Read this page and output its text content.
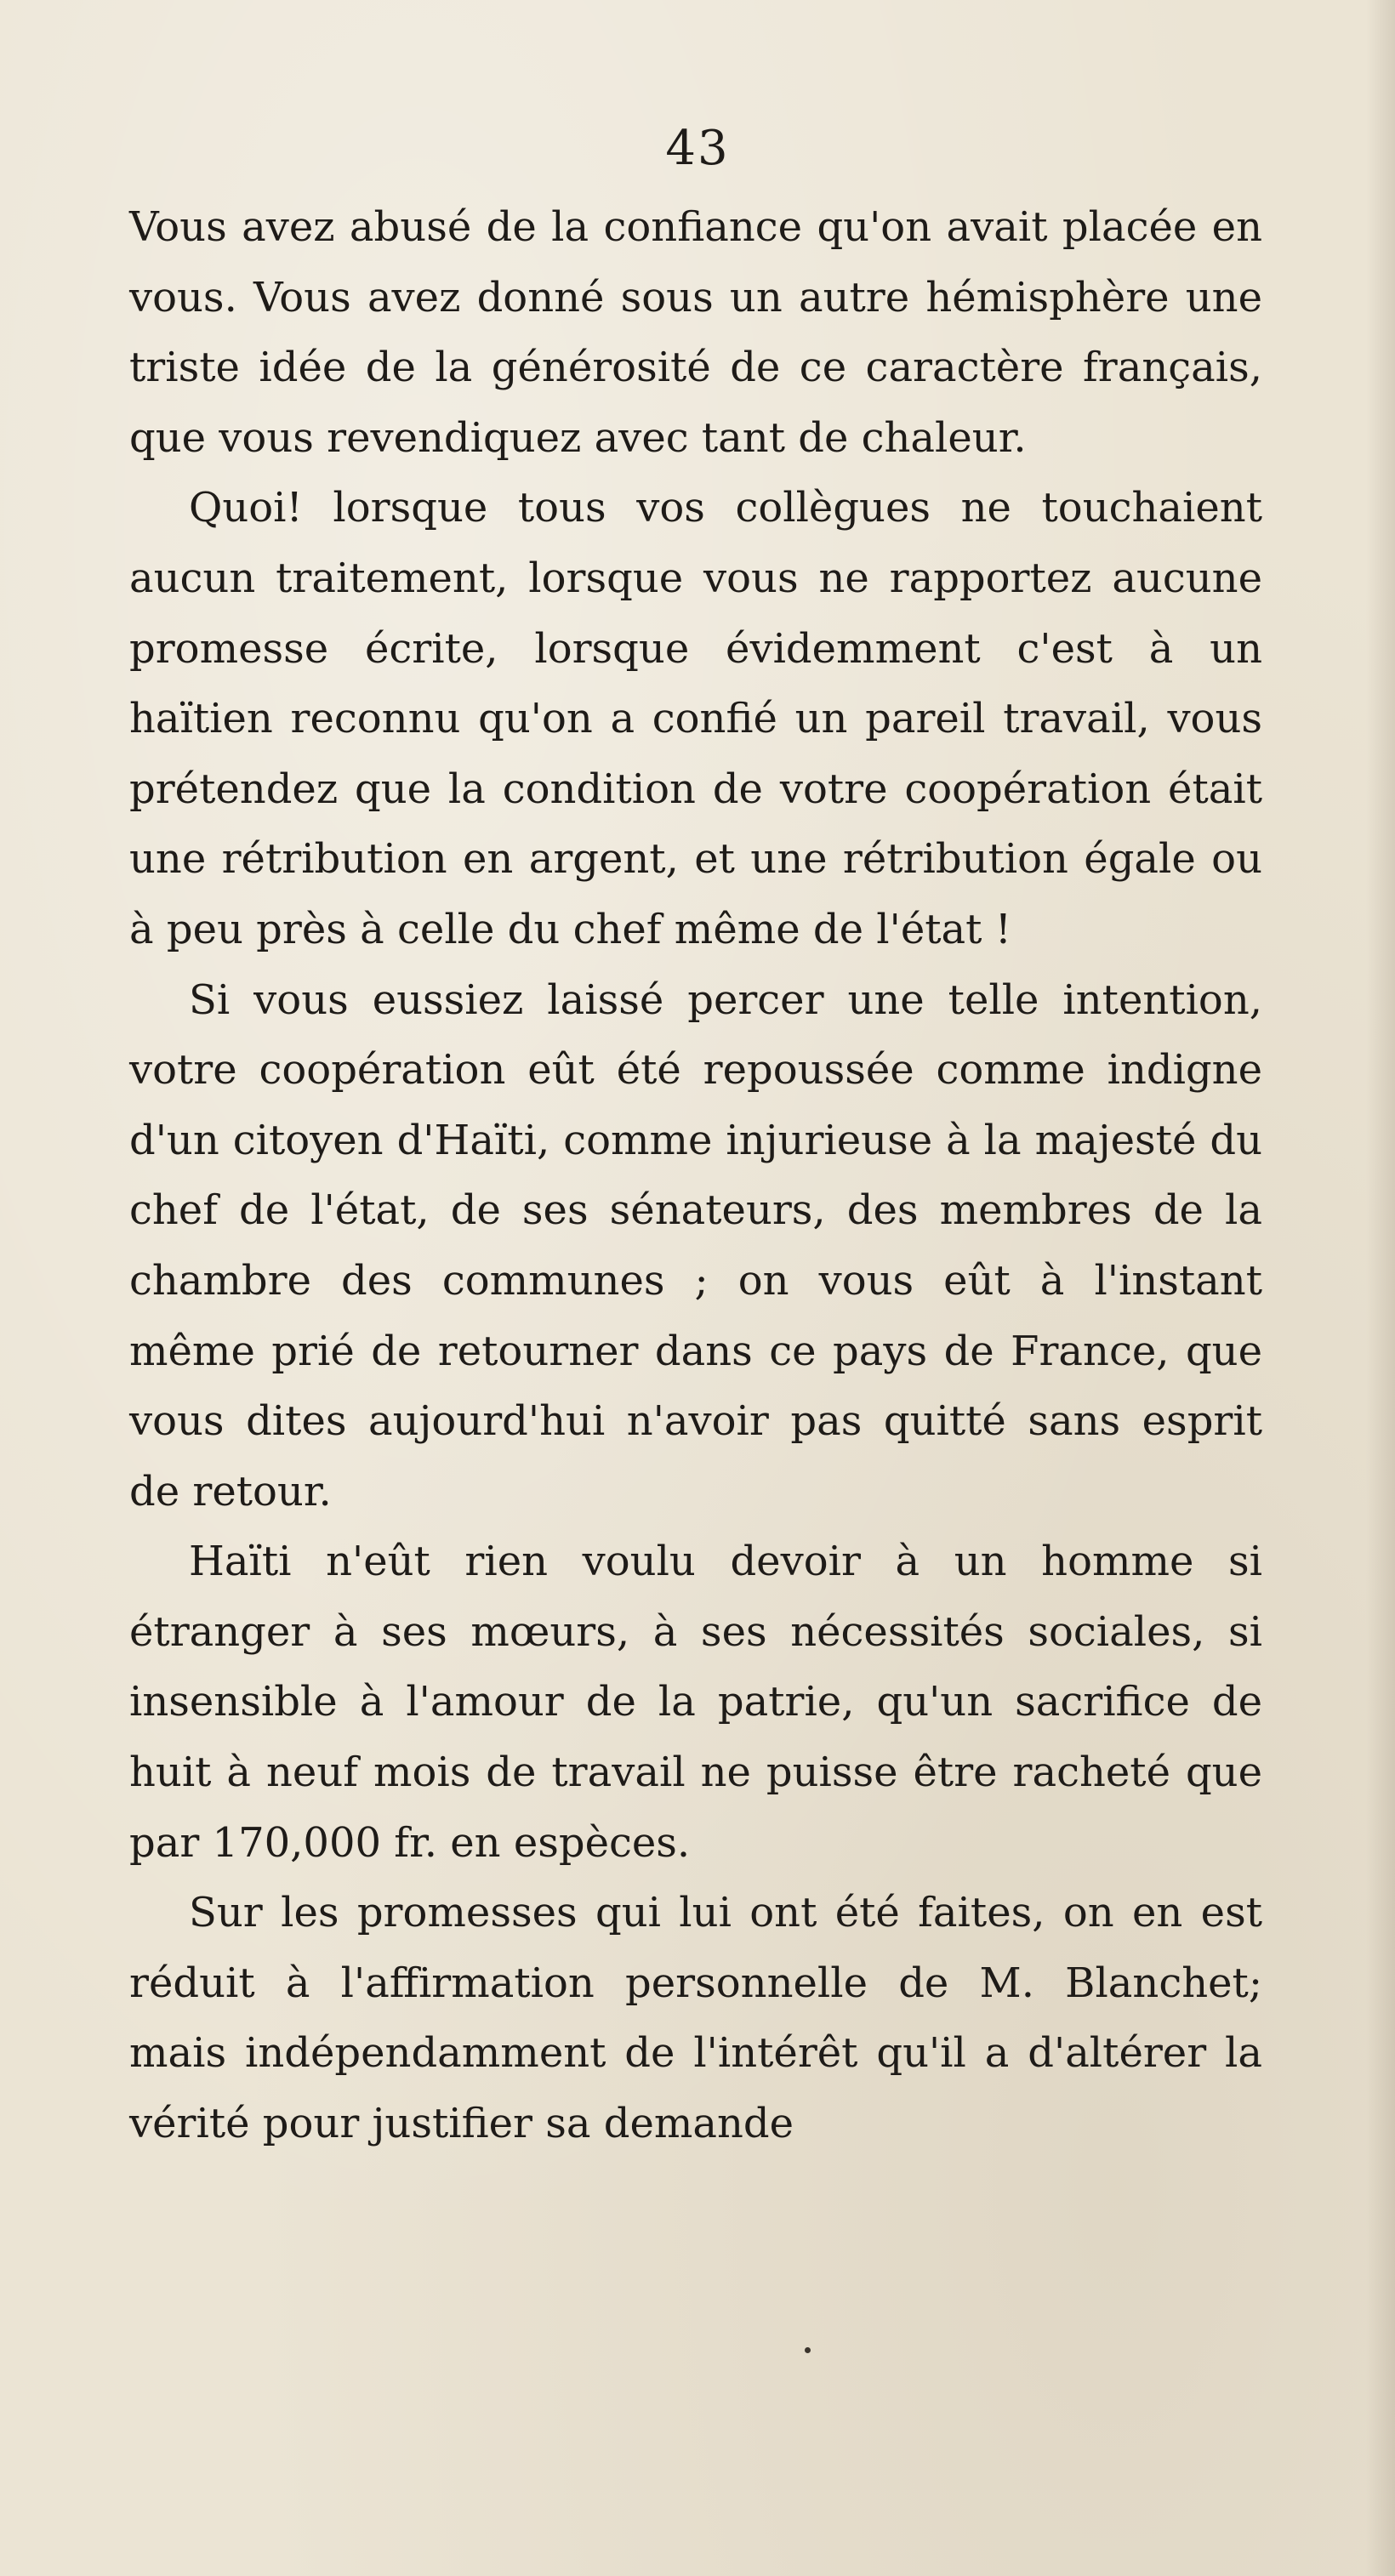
43

Vous avez abusé de la confiance qu'on avait placée en vous. Vous avez donné sous un autre hémisphère une triste idée de la générosité de ce caractère français, que vous revendiquez avec tant de chaleur.

Quoi! lorsque tous vos collègues ne touchaient aucun traitement, lorsque vous ne rapportez aucune promesse écrite, lorsque évidemment c'est à un haïtien reconnu qu'on a confié un pareil travail, vous prétendez que la condition de votre coopération était une rétribution en argent, et une rétribution égale ou à peu près à celle du chef même de l'état !

Si vous eussiez laissé percer une telle intention, votre coopération eût été repoussée comme indigne d'un citoyen d'Haïti, comme injurieuse à la majesté du chef de l'état, de ses sénateurs, des membres de la chambre des communes ; on vous eût à l'instant même prié de retourner dans ce pays de France, que vous dites aujourd'hui n'avoir pas quitté sans esprit de retour.

Haïti n'eût rien voulu devoir à un homme si étranger à ses mœurs, à ses nécessités sociales, si insensible à l'amour de la patrie, qu'un sacrifice de huit à neuf mois de travail ne puisse être racheté que par 170,000 fr. en espèces.

Sur les promesses qui lui ont été faites, on en est réduit à l'affirmation personnelle de M. Blanchet; mais indépendamment de l'intérêt qu'il a d'altérer la vérité pour justifier sa demande
